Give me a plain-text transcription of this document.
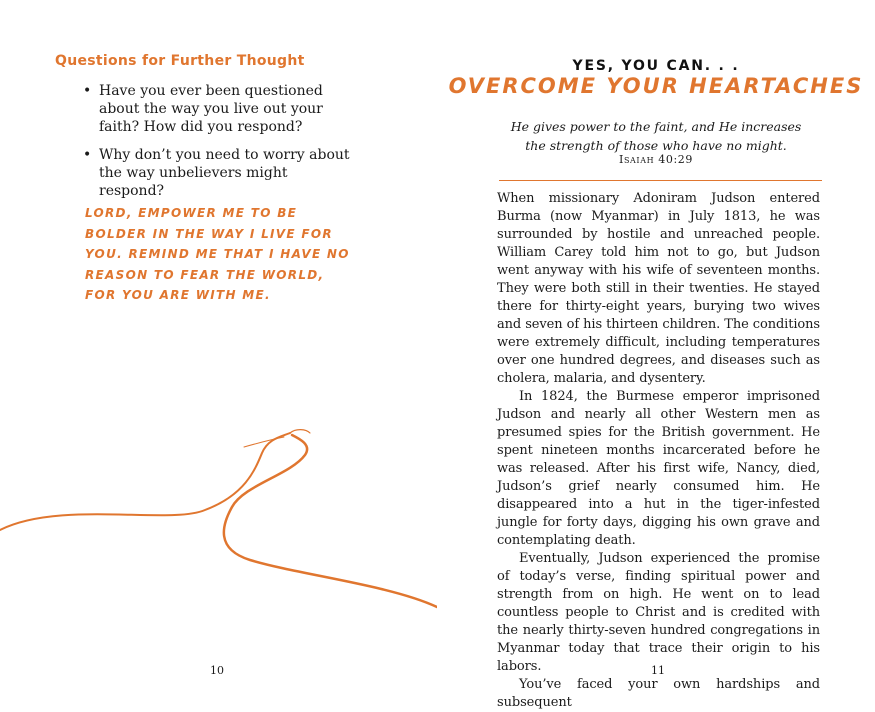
Questions for Further Thought
• Have you ever been questioned about the way you live out your faith? How did you respond?
• Why don’t you need to worry about the way unbelievers might respond?

LORD, EMPOWER ME TO BE BOLDER IN THE WAY I LIVE FOR YOU. REMIND ME THAT I HAVE NO REASON TO FEAR THE WORLD, FOR YOU ARE WITH ME.

10
YES, YOU CAN. . .
OVERCOME YOUR HEARTACHES
He gives power to the faint, and He increases
the strength of those who have no might.
Isaiah 40:29

When missionary Adoniram Judson entered Burma (now Myanmar) in July 1813, he was surrounded by hostile and unreached people. William Carey told him not to go, but Judson went anyway with his wife of seventeen months. They were both still in their twenties. He stayed there for thirty-eight years, burying two wives and seven of his thirteen children. The conditions were extremely difficult, including temperatures over one hundred degrees, and diseases such as cholera, malaria, and dysentery.

In 1824, the Burmese emperor imprisoned Judson and nearly all other Western men as presumed spies for the British government. He spent nineteen months incarcerated before he was released. After his first wife, Nancy, died, Judson’s grief nearly consumed him. He disappeared into a hut in the tiger-infested jungle for forty days, digging his own grave and contemplating death.

Eventually, Judson experienced the promise of today’s verse, finding spiritual power and strength from on high. He went on to lead countless people to Christ and is credited with the nearly thirty-seven hundred congregations in Myanmar today that trace their origin to his labors.

You’ve faced your own hardships and subsequent

11
